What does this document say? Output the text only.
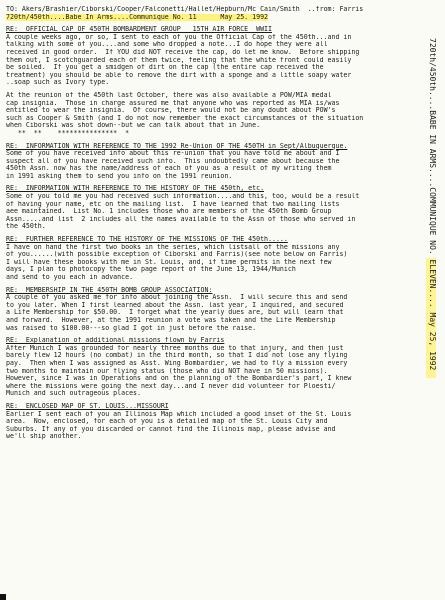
TO: Akers/Brashier/Ciborski/Cooper/Falconetti/Hallet/Hepburn/Mc Cain/Smith  ..from: Farris
720th/450th....Babe In Arms....Communique No. 11      May 25. 1992
RE:  OFFICIAL CAP OF 450TH BOMBARDMENT GROUP   15TH AIR FORCE  WWII
A couple weeks ago, or so, I sent to each of you the Official Cap of the 450th...and in
talking with some of you....and some who dropped a note...I do hope they were all
received in good order.  If YOU did NOT receive the cap, do let me know.  Before shipping
them out, I scotchguarded each of them twice, feeling that the white front could easily
be soiled.  If you get a smidgen of dirt on the cap (the entire cap received the
treatment) you should be able to remove the dirt with a sponge and a little soapy water
..soap such as Ivory type.
At the reunion of the 450th last October, there was also available a POW/MIA medal
cap insignia.  Those in charge assured me that anyone who was reported as MIA is/was
entitled to wear the insignia.  Of course, there would not be any doubt about POW's
such as Cooper & Smith (and I do not now remember the exact circumstances of the situation
when Ciborski was shot down--but we can talk about that in June.
**  **    ***************  *
RE:  INFORMATION WITH REFERENCE TO THE 1992 Re-Union OF THE 450TH in Sept/Albuquerque.
Some of you have received info about this re-union that you have told me about and I
suspect all of you have received such info.  This undoubtedly came about because the
450th Assn. now has the name/address of each of you as a result of my writing them
in 1991 asking them to send you info on the 1991 reunion.
RE:  INFORMATION WITH REFERENCE TO THE HISTORY OF THE 450th, etc.
Some of you told me you had received such information....and this, too, would be a result
of having your name, etc on the mailing list.  I have learned that two mailing lists
aee maintained.  List No. 1 includes those who are members of the 450th Bomb Group
Assn.....and list  2 includes all the names available to the Assn of those who served in
the 450th.
RE:  FURTHER REFERENCE TO THE HISTORY OF THE MISSIONS OF THE 450th.....
I have on hand the first two books in the series, which listsall of the missions any
of you......(with possible exception of Ciborski and Farris)(see note below on Farris)
I will have these books with me in St. Louis, and, if time permits in the next few
days, I plan to photocopy the two page report of the June 13, 1944/Munich
and send to you each in advance.
RE:  MEMBERSHIP IN THE 450TH BOMB GROUP ASSOCIATION:
A couple of you asked me for info about joining the Assn.  I will secure this and send
to you later. When I first learned about the Assn. last year, I inquired, and secured
a Life Membership for $50.00.  I forget what the yearly dues are, but will learn that
and forward.  However, at the 1991 reunion a vote was taken and the Life Membership
was raised to $100.00---so glad I got in just before the raise.
RE:  Explanation of additional missions flown by Farris
After Munich I was grounded for nearly three months due to that injury, and then just
barely flew 12 hours (no combat) in the third month, so that I did not lose any flying
pay.  Then when I was assigned as Asst. Wing Bombardier, we had to fly a mission every
two months to maintain our flying status (those who did NOT have in 50 missions).
However, since I was in Operations and on the planning of the Bombardier's part, I knew
where the missions were going the next day...and I never did volunteer for Ploesti/
Munich and such outrageous places.
RE:  ENCLOSED MAP OF ST. LOUIS...MISSOURI
Earlier I sent each of you an Illinois Map which included a good inset of the St. Louis
area.  Now, enclosed, for each of you is a detailed map of the St. Louis City and
Suburbs. If any of you discarded or cannot find the Illinois map, please advise and
we'll ship another.
720th/450th....BABE IN ARMS....COMMUNIQUE NO. ELEVEN.... May 25, 1992
